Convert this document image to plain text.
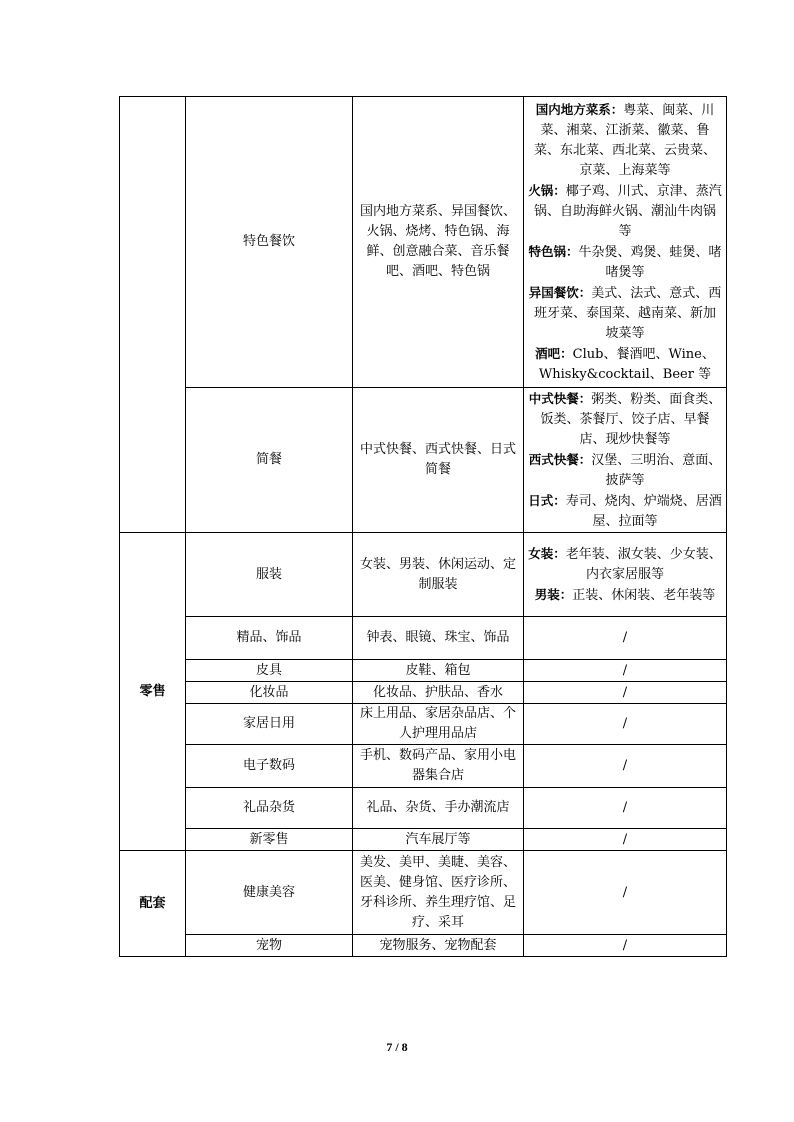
	特色餐饮	国内地方菜系、异国餐饮、火锅、烧烤、特色锅、海鲜、创意融合菜、音乐餐吧、酒吧、特色锅	国内地方菜系：粤菜、闽菜、川菜、湘菜、江浙菜、徽菜、鲁菜、东北菜、西北菜、云贵菜、京菜、上海菜等
火锅：椰子鸡、川式、京津、蒸汽锅、自助海鲜火锅、潮汕牛肉锅等
特色锅：牛杂煲、鸡煲、蛙煲、啫啫煲等
异国餐饮：美式、法式、意式、西班牙菜、泰国菜、越南菜、新加坡菜等
酒吧：Club、餐酒吧、Wine、Whisky&cocktail、Beer 等

	简餐	中式快餐、西式快餐、日式简餐	中式快餐：粥类、粉类、面食类、饭类、茶餐厅、饺子店、早餐店、现炒快餐等
西式快餐：汉堡、三明治、意面、披萨等
日式：寿司、烧肉、炉端烧、居酒屋、拉面等

零售	服装	女装、男装、休闲运动、定制服装	女装：老年装、淑女装、少女装、内衣家居服等
男装：正装、休闲装、老年装等

	精品、饰品	钟表、眼镜、珠宝、饰品	/
	皮具	皮鞋、箱包	/
	化妆品	化妆品、护肤品、香水	/
	家居日用	床上用品、家居杂品店、个人护理用品店	/
	电子数码	手机、数码产品、家用小电器集合店	/
	礼品杂货	礼品、杂货、手办潮流店	/
	新零售	汽车展厅等	/
配套	健康美容	美发、美甲、美睫、美容、医美、健身馆、医疗诊所、牙科诊所、养生理疗馆、足疗、采耳	/
	宠物	宠物服务、宠物配套	/
7 / 8
